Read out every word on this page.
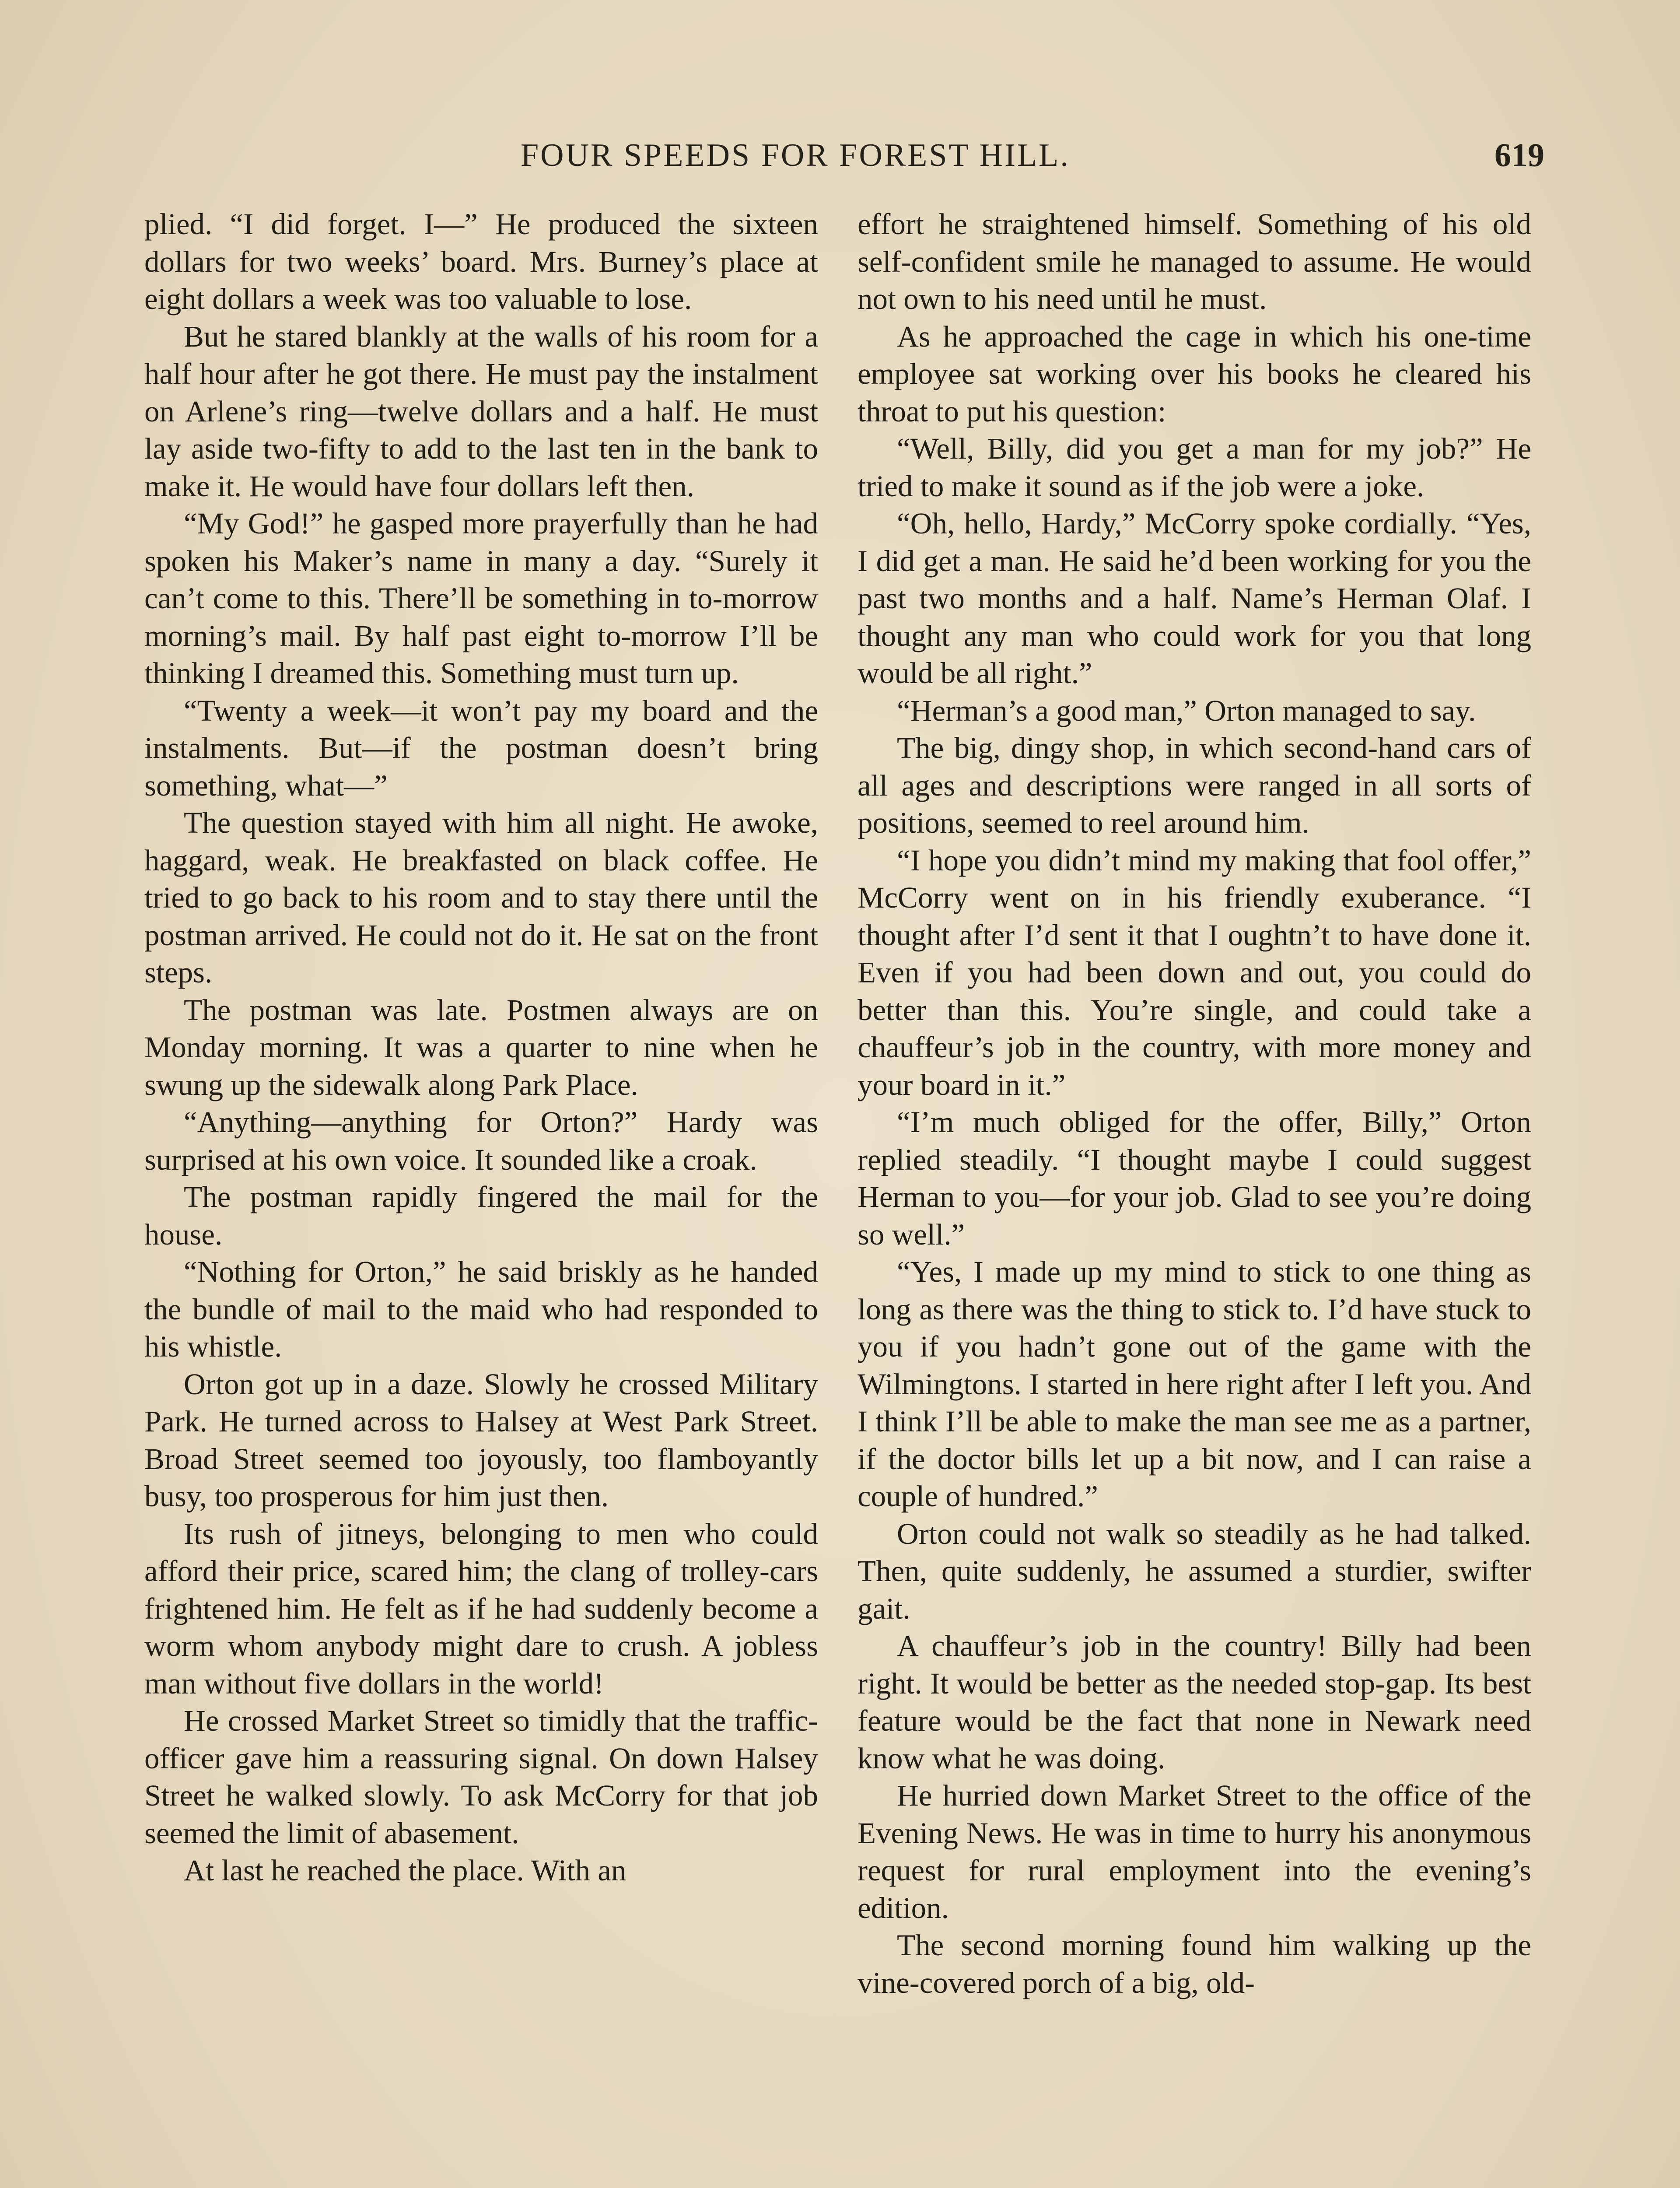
FOUR SPEEDS FOR FOREST HILL.	619

plied. “I did forget. I—” He produced the sixteen dollars for two weeks’ board. Mrs. Burney’s place at eight dollars a week was too valuable to lose.

But he stared blankly at the walls of his room for a half hour after he got there. He must pay the instalment on Arlene’s ring—twelve dollars and a half. He must lay aside two-fifty to add to the last ten in the bank to make it. He would have four dollars left then.

“My God!” he gasped more prayerfully than he had spoken his Maker’s name in many a day. “Surely it can’t come to this. There’ll be something in to-morrow morning’s mail. By half past eight to-morrow I’ll be thinking I dreamed this. Something must turn up.

“Twenty a week—it won’t pay my board and the instalments. But—if the postman doesn’t bring something, what—”

The question stayed with him all night. He awoke, haggard, weak. He breakfasted on black coffee. He tried to go back to his room and to stay there until the postman arrived. He could not do it. He sat on the front steps.

The postman was late. Postmen always are on Monday morning. It was a quarter to nine when he swung up the sidewalk along Park Place.

“Anything—anything for Orton?” Hardy was surprised at his own voice. It sounded like a croak.

The postman rapidly fingered the mail for the house.

“Nothing for Orton,” he said briskly as he handed the bundle of mail to the maid who had responded to his whistle.

Orton got up in a daze. Slowly he crossed Military Park. He turned across to Halsey at West Park Street. Broad Street seemed too joyously, too flamboyantly busy, too prosperous for him just then.

Its rush of jitneys, belonging to men who could afford their price, scared him; the clang of trolley-cars frightened him. He felt as if he had suddenly become a worm whom anybody might dare to crush. A jobless man without five dollars in the world!

He crossed Market Street so timidly that the traffic-officer gave him a reassuring signal. On down Halsey Street he walked slowly. To ask McCorry for that job seemed the limit of abasement.

At last he reached the place. With an

effort he straightened himself. Something of his old self-confident smile he managed to assume. He would not own to his need until he must.

As he approached the cage in which his one-time employee sat working over his books he cleared his throat to put his question:

“Well, Billy, did you get a man for my job?” He tried to make it sound as if the job were a joke.

“Oh, hello, Hardy,” McCorry spoke cordially. “Yes, I did get a man. He said he’d been working for you the past two months and a half. Name’s Herman Olaf. I thought any man who could work for you that long would be all right.”

“Herman’s a good man,” Orton managed to say.

The big, dingy shop, in which second-hand cars of all ages and descriptions were ranged in all sorts of positions, seemed to reel around him.

“I hope you didn’t mind my making that fool offer,” McCorry went on in his friendly exuberance. “I thought after I’d sent it that I oughtn’t to have done it. Even if you had been down and out, you could do better than this. You’re single, and could take a chauffeur’s job in the country, with more money and your board in it.”

“I’m much obliged for the offer, Billy,” Orton replied steadily. “I thought maybe I could suggest Herman to you—for your job. Glad to see you’re doing so well.”

“Yes, I made up my mind to stick to one thing as long as there was the thing to stick to. I’d have stuck to you if you hadn’t gone out of the game with the Wilmingtons. I started in here right after I left you. And I think I’ll be able to make the man see me as a partner, if the doctor bills let up a bit now, and I can raise a couple of hundred.”

Orton could not walk so steadily as he had talked. Then, quite suddenly, he assumed a sturdier, swifter gait.

A chauffeur’s job in the country! Billy had been right. It would be better as the needed stop-gap. Its best feature would be the fact that none in Newark need know what he was doing.

He hurried down Market Street to the office of the Evening News. He was in time to hurry his anonymous request for rural employment into the evening’s edition.

The second morning found him walking up the vine-covered porch of a big, old-
